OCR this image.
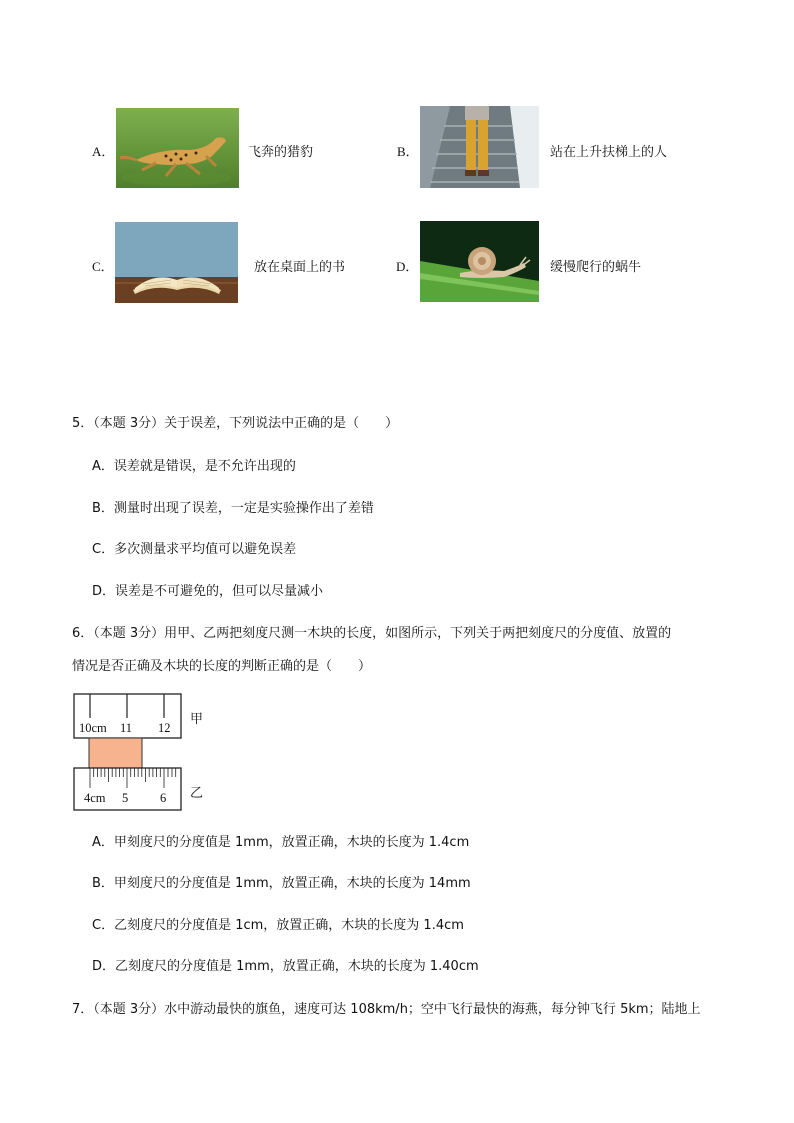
A．	飞奔的猎豹	B．	站在上升扶梯上的人
C．	放在桌面上的书	D．	缓慢爬行的蜗牛
5．（本题 3分）关于误差，下列说法中正确的是（　　）
A．误差就是错误，是不允许出现的
B．测量时出现了误差，一定是实验操作出了差错
C．多次测量求平均值可以避免误差
D．误差是不可避免的，但可以尽量减小
6．（本题 3分）用甲、乙两把刻度尺测一木块的长度，如图所示，下列关于两把刻度尺的分度值、放置的
情况是否正确及木块的长度的判断正确的是（　　）
10cm 11 12
甲
4cm 5	6 乙
A．甲刻度尺的分度值是 1mm，放置正确，木块的长度为 1.4cm
B．甲刻度尺的分度值是 1mm，放置正确，木块的长度为 14mm
C．乙刻度尺的分度值是 1cm，放置正确，木块的长度为 1.4cm
D．乙刻度尺的分度值是 1mm，放置正确，木块的长度为 1.40cm
7．（本题 3分）水中游动最快的旗鱼，速度可达 108km/h；空中飞行最快的海燕，每分钟飞行 5km；陆地上
